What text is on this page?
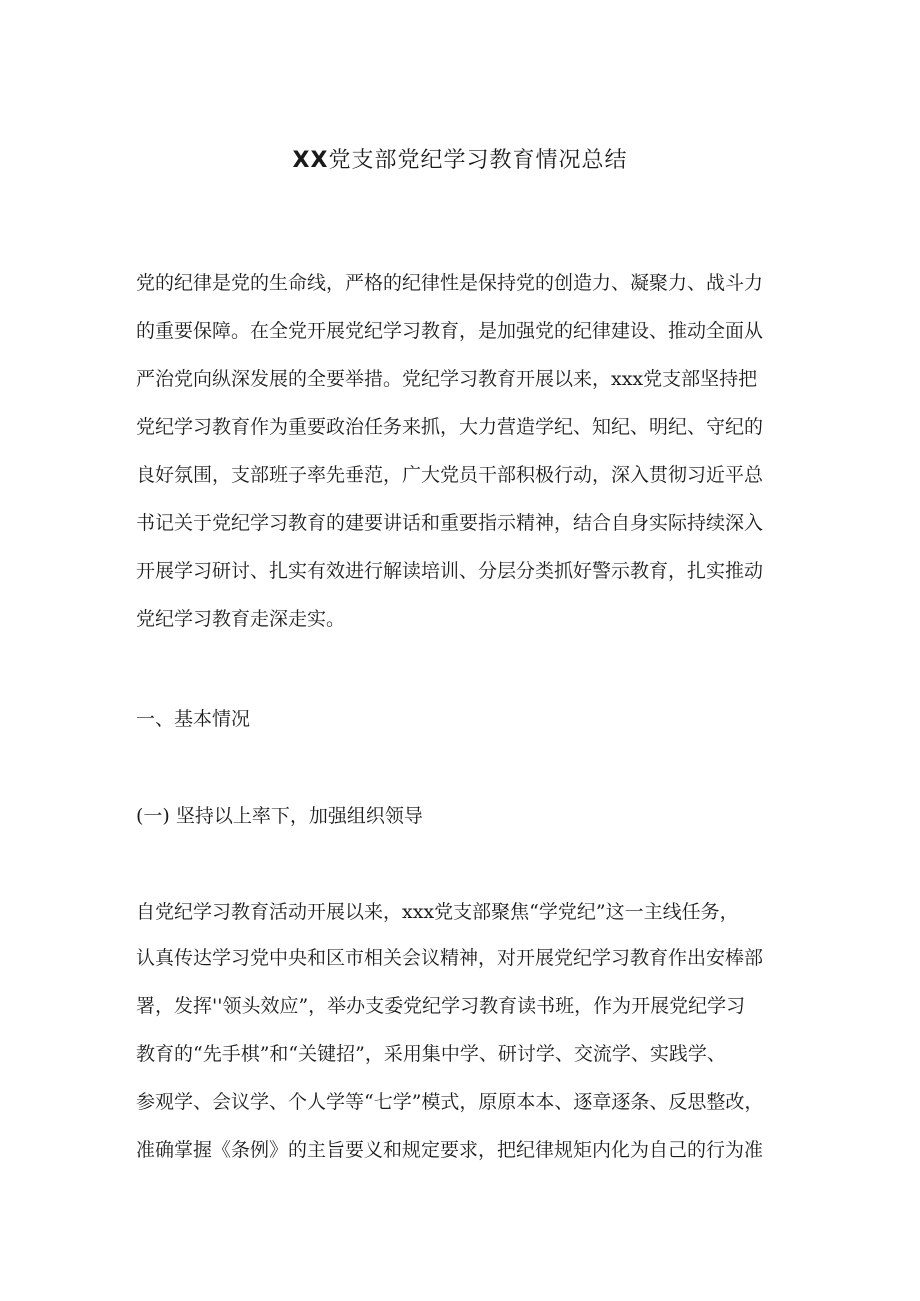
XX党支部党纪学习教育情况总结
党的纪律是党的生命线，严格的纪律性是保持党的创造力、凝聚力、战斗力
的重要保障。在全党开展党纪学习教育，是加强党的纪律建设、推动全面从
严治党向纵深发展的全要举措。党纪学习教育开展以来，xxx党支部坚持把
党纪学习教育作为重要政治任务来抓，大力营造学纪、知纪、明纪、守纪的
良好氛围，支部班子率先垂范，广大党员干部积极行动，深入贯彻习近平总
书记关于党纪学习教育的建要讲话和重要指示精神，结合自身实际持续深入
开展学习研讨、扎实有效进行解读培训、分层分类抓好警示教育，扎实推动
党纪学习教育走深走实。
一、基本情况
(一) 坚持以上率下，加强组织领导
自党纪学习教育活动开展以来，xxx党支部聚焦“学党纪”这一主线任务，
认真传达学习党中央和区市相关会议精神，对开展党纪学习教育作出安棒部
署，发挥''领头效应”，举办支委党纪学习教育读书班，作为开展党纪学习
教育的“先手棋”和“关键招”，采用集中学、研讨学、交流学、实践学、
参观学、会议学、个人学等“七学”模式，原原本本、逐章逐条、反思整改，
准确掌握《条例》的主旨要义和规定要求，把纪律规矩内化为自己的行为准
